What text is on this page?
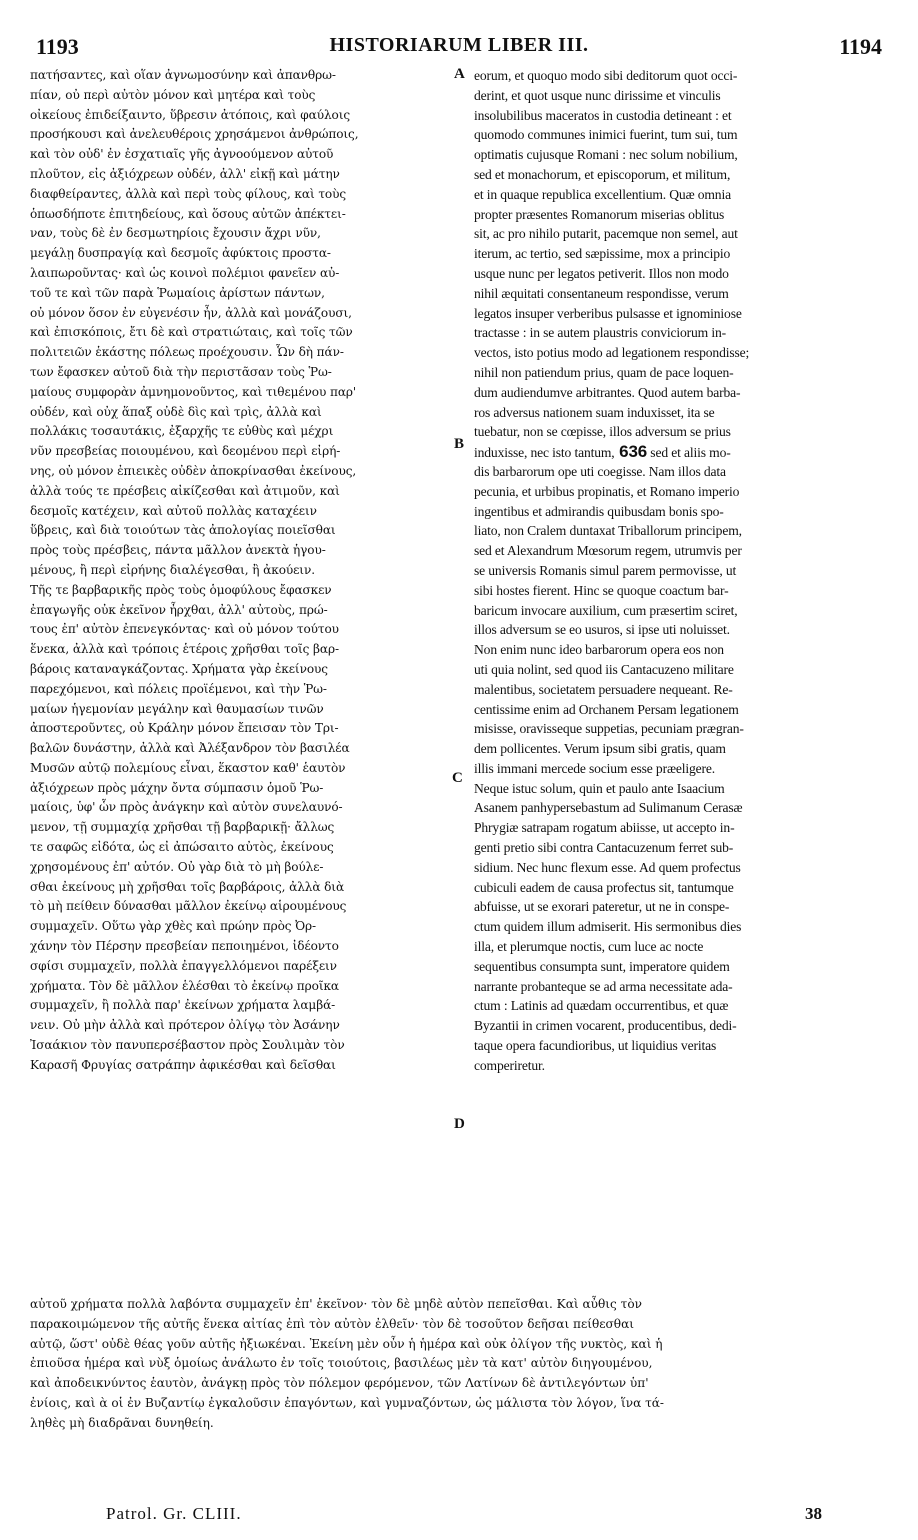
1193	HISTORIARUM LIBER III.	1194
πατήσαντες, καὶ οἵαν ἀγνωμοσύνην καὶ ἀπανθρω-
πίαν, οὐ περὶ αὐτὸν μόνον καὶ μητέρα καὶ τοὺς
οἰκείους ἐπιδείξαιντο, ὕβρεσιν ἀτόποις, καὶ φαύλοις
προσήκουσι καὶ ἀνελευθέροις χρησάμενοι ἀνθρώποις,
καὶ τὸν οὐδ' ἐν ἐσχατιαῖς γῆς ἀγνοούμενον αὐτοῦ
πλοῦτον, εἰς ἀξιόχρεων οὐδέν, ἀλλ' εἰκῇ καὶ μάτην
διαφθείραντες, ἀλλὰ καὶ περὶ τοὺς φίλους, καὶ τοὺς
ὁπωσδήποτε ἐπιτηδείους, καὶ ὅσους αὐτῶν ἀπέκτει-
ναν, τοὺς δὲ ἐν δεσμωτηρίοις ἔχουσιν ἄχρι νῦν,
μεγάλῃ δυσπραγίᾳ καὶ δεσμοῖς ἀφύκτοις προστα-
λαιπωροῦντας· καὶ ὡς κοινοὶ πολέμιοι φανεῖεν αὐ-
τοῦ τε καὶ τῶν παρὰ Ῥωμαίοις ἀρίστων πάντων,
οὐ μόνον ὅσον ἐν εὐγενέσιν ἦν, ἀλλὰ καὶ μονάζουσι,
καὶ ἐπισκόποις, ἔτι δὲ καὶ στρατιώταις, καὶ τοῖς τῶν
πολιτειῶν ἑκάστης πόλεως προέχουσιν. Ὧν δὴ πάν-
των ἔφασκεν αὐτοῦ διὰ τὴν περιστᾶσαν τοὺς Ῥω-
μαίους συμφορὰν ἀμνημονοῦντος, καὶ τιθεμένου παρ'
οὐδέν, καὶ οὐχ ἅπαξ οὐδὲ δὶς καὶ τρὶς, ἀλλὰ καὶ
πολλάκις τοσαυτάκις, ἐξαρχῆς τε εὐθὺς καὶ μέχρι
νῦν πρεσβείας ποιουμένου, καὶ δεομένου περὶ εἰρή-
νης, οὐ μόνον ἐπιεικὲς οὐδὲν ἀποκρίνασθαι ἐκείνους,
ἀλλὰ τούς τε πρέσβεις αἰκίζεσθαι καὶ ἀτιμοῦν, καὶ
δεσμοῖς κατέχειν, καὶ αὐτοῦ πολλὰς καταχέειν
ὕβρεις, καὶ διὰ τοιούτων τὰς ἀπολογίας ποιεῖσθαι
πρὸς τοὺς πρέσβεις, πάντα μᾶλλον ἀνεκτὰ ἡγου-
μένους, ἢ περὶ εἰρήνης διαλέγεσθαι, ἢ ἀκούειν.
Τῆς τε βαρβαρικῆς πρὸς τοὺς ὁμοφύλους ἔφασκεν
ἐπαγωγῆς οὐκ ἐκεῖνον ἦρχθαι, ἀλλ' αὐτοὺς, πρώ-
τους ἐπ' αὐτὸν ἐπενεγκόντας· καὶ οὐ μόνον τούτου
ἕνεκα, ἀλλὰ καὶ τρόποις ἑτέροις χρῆσθαι τοῖς βαρ-
βάροις καταναγκάζοντας. Χρήματα γὰρ ἐκείνους
παρεχόμενοι, καὶ πόλεις προϊέμενοι, καὶ τὴν Ῥω-
μαίων ἡγεμονίαν μεγάλην καὶ θαυμασίων τινῶν
ἀποστεροῦντες, οὐ Κράλην μόνον ἔπεισαν τὸν Τρι-
βαλῶν δυνάστην, ἀλλὰ καὶ Ἀλέξανδρον τὸν βασιλέα
Μυσῶν αὐτῷ πολεμίους εἶναι, ἕκαστον καθ' ἑαυτὸν
ἀξιόχρεων πρὸς μάχην ὄντα σύμπασιν ὁμοῦ Ῥω-
μαίοις, ὑφ' ὧν πρὸς ἀνάγκην καὶ αὐτὸν συνελαυνό-
μενον, τῇ συμμαχίᾳ χρῆσθαι τῇ βαρβαρικῇ· ἄλλως
τε σαφῶς εἰδότα, ὡς εἰ ἀπώσαιτο αὐτὸς, ἐκείνους
χρησομένους ἐπ' αὐτόν. Οὐ γὰρ διὰ τὸ μὴ βούλε-
σθαι ἐκείνους μὴ χρῆσθαι τοῖς βαρβάροις, ἀλλὰ διὰ
τὸ μὴ πείθειν δύνασθαι μᾶλλον ἐκείνῳ αἱρουμένους
συμμαχεῖν. Οὕτω γὰρ χθὲς καὶ πρώην πρὸς Ὀρ-
χάνην τὸν Πέρσην πρεσβείαν πεποιημένοι, ἰδέοντο
σφίσι συμμαχεῖν, πολλὰ ἐπαγγελλόμενοι παρέξειν
χρήματα. Τὸν δὲ μᾶλλον ἑλέσθαι τὸ ἐκείνῳ προῖκα
συμμαχεῖν, ἢ πολλὰ παρ' ἐκείνων χρήματα λαμβά-
νειν. Οὐ μὴν ἀλλὰ καὶ πρότερον ὀλίγῳ τὸν Ἀσάνην
Ἰσαάκιον τὸν πανυπερσέβαστον πρὸς Σουλιμὰν τὸν
Καρασῆ Φρυγίας σατράπην ἀφικέσθαι καὶ δεῖσθαι
A
B
C
D
eorum, et quoquo modo sibi deditorum quot occi-
derint, et quot usque nunc dirissime et vinculis
insolubilibus maceratos in custodia detineant : et
quomodo communes inimici fuerint, tum sui, tum
optimatis cujusque Romani : nec solum nobilium,
sed et monachorum, et episcoporum, et militum,
et in quaque republica excellentium. Quæ omnia
propter præsentes Romanorum miserias oblitus
sit, ac pro nihilo putarit, pacemque non semel, aut
iterum, ac tertio, sed sæpissime, mox a principio
usque nunc per legatos petiverit. Illos non modo
nihil æquitati consentaneum respondisse, verum
legatos insuper verberibus pulsasse et ignominiose
tractasse : in se autem plaustris conviciorum in-
vectos, isto potius modo ad legationem respondisse;
nihil non patiendum prius, quam de pace loquen-
dum audiendumve arbitrantes. Quod autem barba-
ros adversus nationem suam induxisset, ita se
tuebatur, non se cœpisse, illos adversum se prius
induxisse, nec isto tantum, 636 sed et aliis mo-
dis barbarorum ope uti coegisse. Nam illos data
pecunia, et urbibus propinatis, et Romano imperio
ingentibus et admirandis quibusdam bonis spo-
liato, non Cralem duntaxat Triballorum principem,
sed et Alexandrum Mœsorum regem, utrumvis per
se universis Romanis simul parem permovisse, ut
sibi hostes fierent. Hinc se quoque coactum bar-
baricum invocare auxilium, cum præsertim sciret,
illos adversum se eo usuros, si ipse uti noluisset.
Non enim nunc ideo barbarorum opera eos non
uti quia nolint, sed quod iis Cantacuzeno militare
malentibus, societatem persuadere nequeant. Re-
centissime enim ad Orchanem Persam legationem
misisse, oravisseque suppetias, pecuniam prægran-
dem pollicentes. Verum ipsum sibi gratis, quam
illis immani mercede socium esse præeligere.
Neque istuc solum, quin et paulo ante Isaacium
Asanem panhypersebastum ad Sulimanum Cerasæ
Phrygiæ satrapam rogatum abiisse, ut accepto in-
genti pretio sibi contra Cantacuzenum ferret sub-
sidium. Nec hunc flexum esse. Ad quem profectus
cubiculi eadem de causa profectus sit, tantumque
abfuisse, ut se exorari pateretur, ut ne in conspe-
ctum quidem illum admiserit. His sermonibus dies
illa, et plerumque noctis, cum luce ac nocte
sequentibus consumpta sunt, imperatore quidem
narrante probanteque se ad arma necessitate ada-
ctum : Latinis ad quædam occurrentibus, et quæ
Byzantii in crimen vocarent, producentibus, dedi-
taque opera facundioribus, ut liquidius veritas
comperiretur.
αὐτοῦ χρήματα πολλὰ λαβόντα συμμαχεῖν ἐπ' ἐκεῖνον· τὸν δὲ μηδὲ αὐτὸν πεπεῖσθαι. Καὶ αὖθις τὸν
παρακοιμώμενον τῆς αὐτῆς ἕνεκα αἰτίας ἐπὶ τὸν αὐτὸν ἐλθεῖν· τὸν δὲ τοσοῦτον δεῆσαι πείθεσθαι
αὐτῷ, ὥστ' οὐδὲ θέας γοῦν αὐτῆς ἠξιωκέναι. Ἐκείνη μὲν οὖν ἡ ἡμέρα καὶ οὐκ ὀλίγον τῆς νυκτὸς, καὶ ἡ
ἐπιοῦσα ἡμέρα καὶ νὺξ ὁμοίως ἀνάλωτο ἐν τοῖς τοιούτοις, βασιλέως μὲν τὰ κατ' αὐτὸν διηγουμένου,
καὶ ἀποδεικνύντος ἑαυτὸν, ἀνάγκῃ πρὸς τὸν πόλεμον φερόμενον, τῶν Λατίνων δὲ ἀντιλεγόντων ὑπ'
ἐνίοις, καὶ ὰ οἱ ἐν Βυζαντίῳ ἐγκαλοῦσιν ἐπαγόντων, καὶ γυμναζόντων, ὡς μάλιστα τὸν λόγον, ἵνα τά-
ληθὲς μὴ διαδρᾶναι δυνηθείη.
Patrol. Gr. CLIII.	38
